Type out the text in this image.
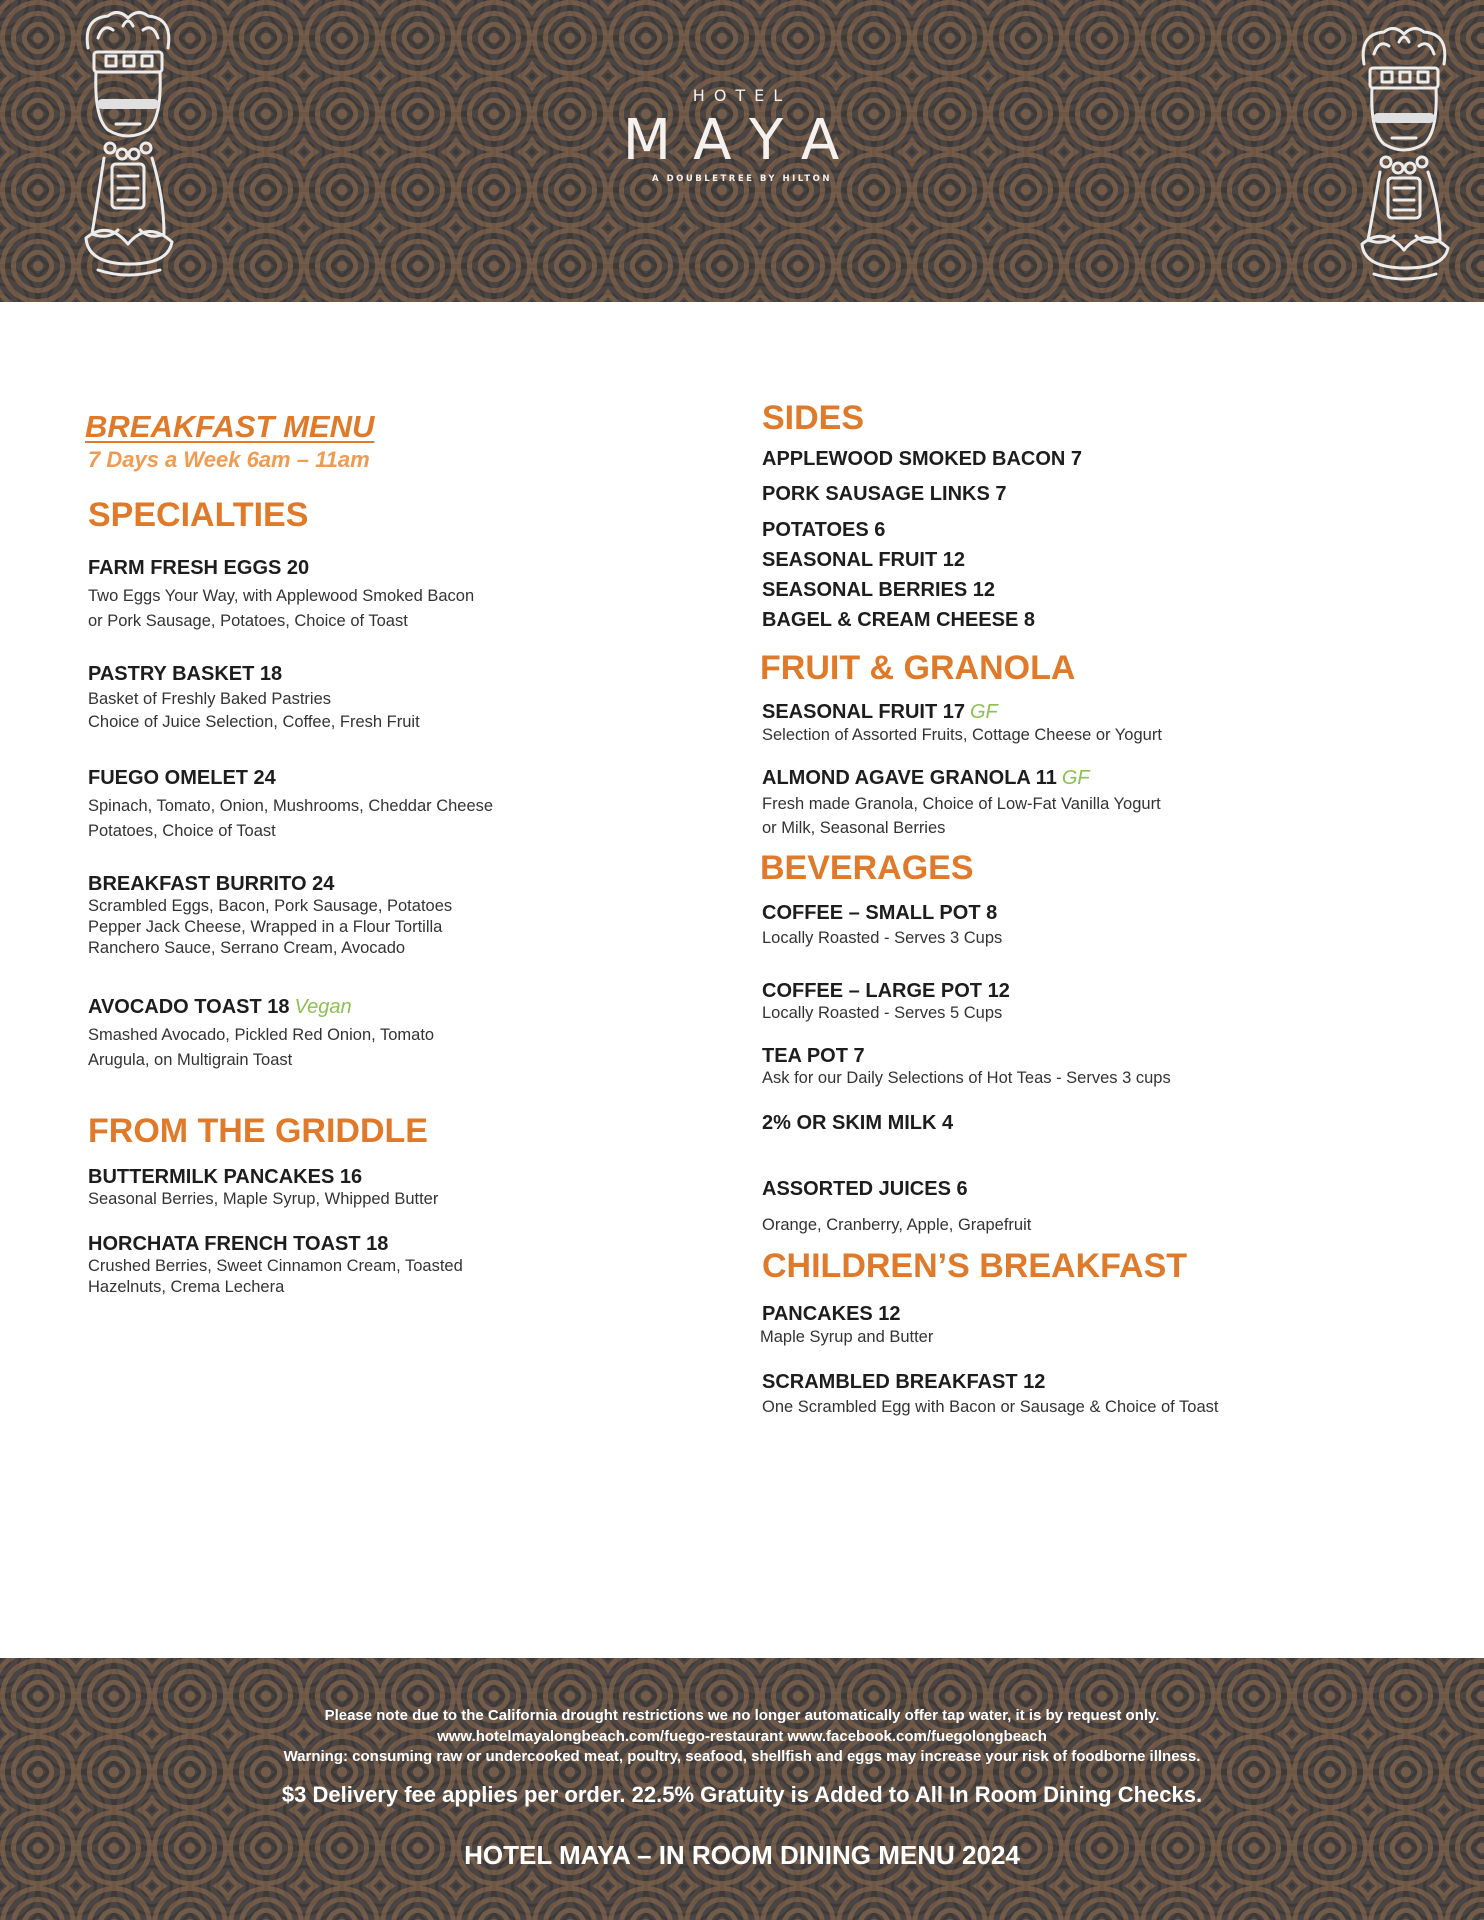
HOTEL
MAYA
A DOUBLETREE BY HILTON
BREAKFAST MENU
7 Days a Week 6am – 11am
SPECIALTIES
FARM FRESH EGGS 20
Two Eggs Your Way, with Applewood Smoked Bacon
or Pork Sausage, Potatoes, Choice of Toast
PASTRY BASKET 18
Basket of Freshly Baked Pastries
Choice of Juice Selection, Coffee, Fresh Fruit
FUEGO OMELET 24
Spinach, Tomato, Onion, Mushrooms, Cheddar Cheese
Potatoes, Choice of Toast
BREAKFAST BURRITO 24
Scrambled Eggs, Bacon, Pork Sausage, Potatoes
Pepper Jack Cheese, Wrapped in a Flour Tortilla
Ranchero Sauce, Serrano Cream, Avocado
AVOCADO TOAST 18 Vegan
Smashed Avocado, Pickled Red Onion, Tomato
Arugula, on Multigrain Toast
FROM THE GRIDDLE
BUTTERMILK PANCAKES 16
Seasonal Berries, Maple Syrup, Whipped Butter
HORCHATA FRENCH TOAST 18
Crushed Berries, Sweet Cinnamon Cream, Toasted
Hazelnuts, Crema Lechera
SIDES
APPLEWOOD SMOKED BACON 7
PORK SAUSAGE LINKS 7
POTATOES 6
SEASONAL FRUIT 12
SEASONAL BERRIES 12
BAGEL & CREAM CHEESE 8
FRUIT & GRANOLA
SEASONAL FRUIT 17 GF
Selection of Assorted Fruits, Cottage Cheese or Yogurt
ALMOND AGAVE GRANOLA 11 GF
Fresh made Granola, Choice of Low-Fat Vanilla Yogurt
or Milk, Seasonal Berries
BEVERAGES
COFFEE – SMALL POT 8
Locally Roasted - Serves 3 Cups
COFFEE – LARGE POT 12
Locally Roasted - Serves 5 Cups
TEA POT 7
Ask for our Daily Selections of Hot Teas - Serves 3 cups
2% OR SKIM MILK 4
ASSORTED JUICES 6
Orange, Cranberry, Apple, Grapefruit
CHILDREN’S BREAKFAST
PANCAKES 12
Maple Syrup and Butter
SCRAMBLED BREAKFAST 12
One Scrambled Egg with Bacon or Sausage & Choice of Toast
Please note due to the California drought restrictions we no longer automatically offer tap water, it is by request only.
www.hotelmayalongbeach.com/fuego-restaurant www.facebook.com/fuegolongbeach
Warning: consuming raw or undercooked meat, poultry, seafood, shellfish and eggs may increase your risk of foodborne illness.
$3 Delivery fee applies per order. 22.5% Gratuity is Added to All In Room Dining Checks.
HOTEL MAYA – IN ROOM DINING MENU 2024
